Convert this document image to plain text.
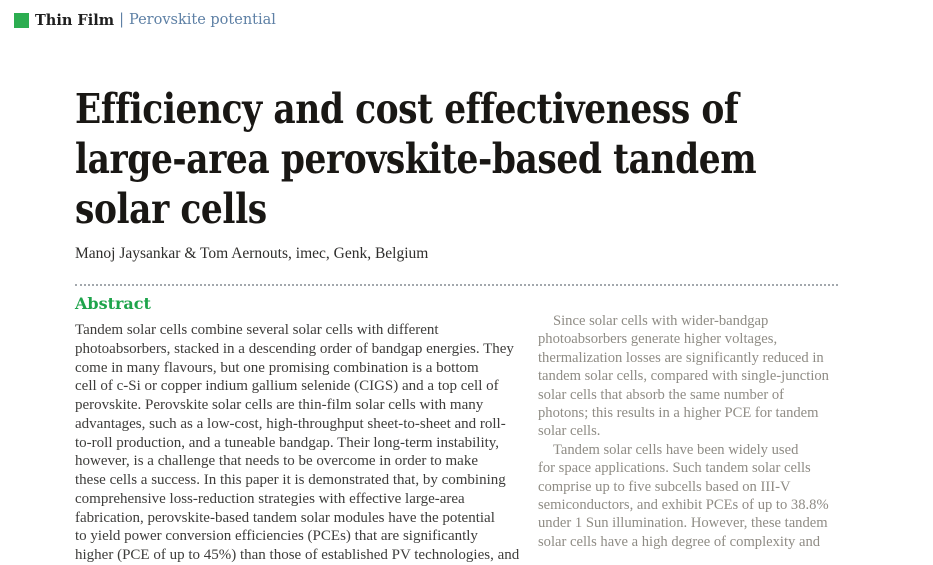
Thin Film | Perovskite potential
Efficiency and cost effectiveness of
large-area perovskite-based tandem
solar cells
Manoj Jaysankar & Tom Aernouts, imec, Genk, Belgium
Abstract
Tandem solar cells combine several solar cells with different
photoabsorbers, stacked in a descending order of bandgap energies. They
come in many flavours, but one promising combination is a bottom
cell of c-Si or copper indium gallium selenide (CIGS) and a top cell of
perovskite. Perovskite solar cells are thin-film solar cells with many
advantages, such as a low-cost, high-throughput sheet-to-sheet and roll-
to-roll production, and a tuneable bandgap. Their long-term instability,
however, is a challenge that needs to be overcome in order to make
these cells a success. In this paper it is demonstrated that, by combining
comprehensive loss-reduction strategies with effective large-area
fabrication, perovskite-based tandem solar modules have the potential
to yield power conversion efficiencies (PCEs) that are significantly
higher (PCE of up to 45%) than those of established PV technologies, and
Since solar cells with wider-bandgap
photoabsorbers generate higher voltages,
thermalization losses are significantly reduced in
tandem solar cells, compared with single-junction
solar cells that absorb the same number of
photons; this results in a higher PCE for tandem
solar cells.
Tandem solar cells have been widely used
for space applications. Such tandem solar cells
comprise up to five subcells based on III-V
semiconductors, and exhibit PCEs of up to 38.8%
under 1 Sun illumination. However, these tandem
solar cells have a high degree of complexity and
